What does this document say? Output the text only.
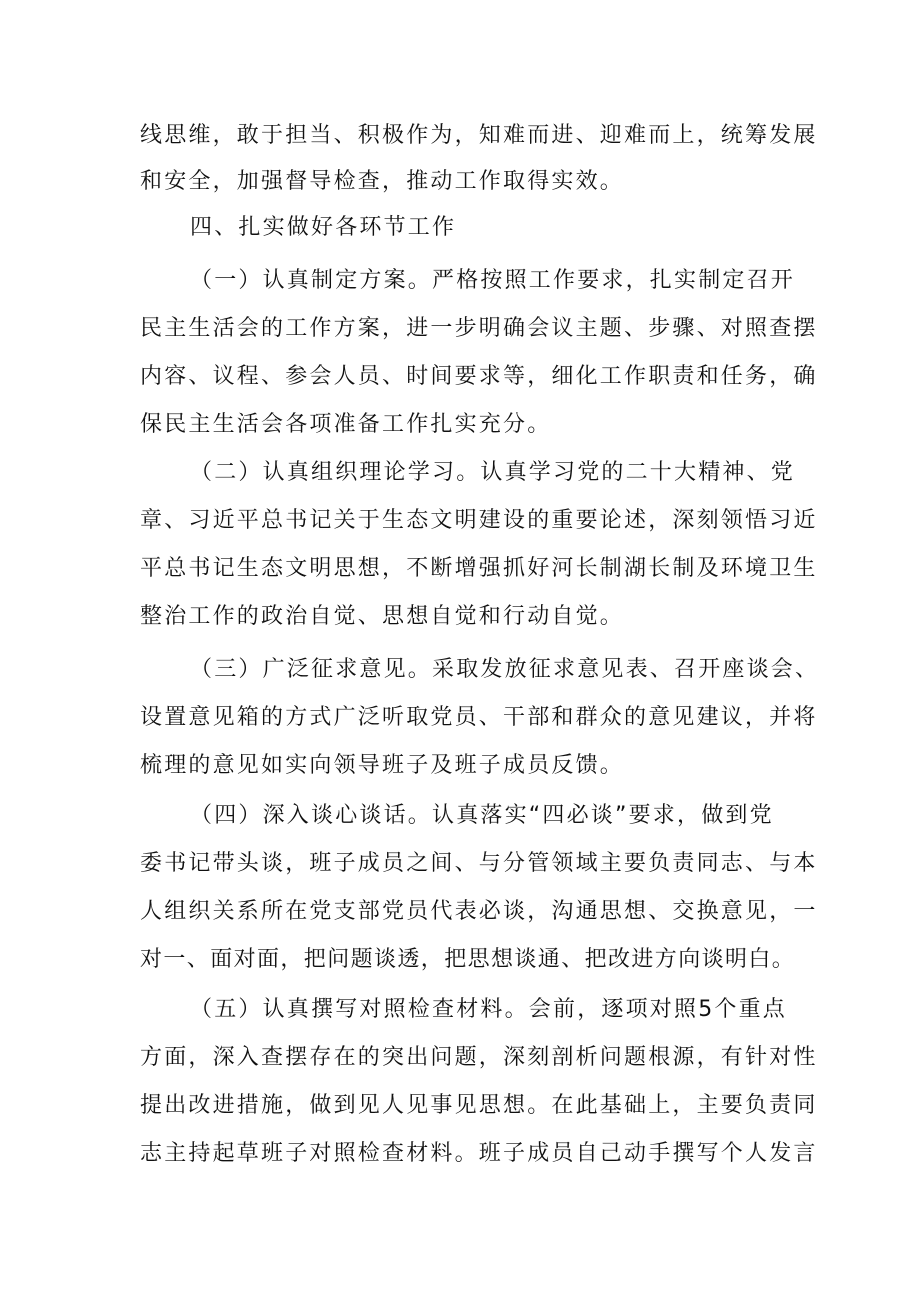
线思维，敢于担当、积极作为，知难而进、迎难而上，统筹发展
和安全，加强督导检查，推动工作取得实效。
四、扎实做好各环节工作
（一）认真制定方案。严格按照工作要求，扎实制定召开
民主生活会的工作方案，进一步明确会议主题、步骤、对照查摆
内容、议程、参会人员、时间要求等，细化工作职责和任务，确
保民主生活会各项准备工作扎实充分。
（二）认真组织理论学习。认真学习党的二十大精神、党
章、习近平总书记关于生态文明建设的重要论述，深刻领悟习近
平总书记生态文明思想，不断增强抓好河长制湖长制及环境卫生
整治工作的政治自觉、思想自觉和行动自觉。
（三）广泛征求意见。采取发放征求意见表、召开座谈会、
设置意见箱的方式广泛听取党员、干部和群众的意见建议，并将
梳理的意见如实向领导班子及班子成员反馈。
（四）深入谈心谈话。认真落实“四必谈”要求，做到党
委书记带头谈，班子成员之间、与分管领域主要负责同志、与本
人组织关系所在党支部党员代表必谈，沟通思想、交换意见，一
对一、面对面，把问题谈透，把思想谈通、把改进方向谈明白。
（五）认真撰写对照检查材料。会前，逐项对照5个重点
方面，深入查摆存在的突出问题，深刻剖析问题根源，有针对性
提出改进措施，做到见人见事见思想。在此基础上，主要负责同
志主持起草班子对照检查材料。班子成员自己动手撰写个人发言
